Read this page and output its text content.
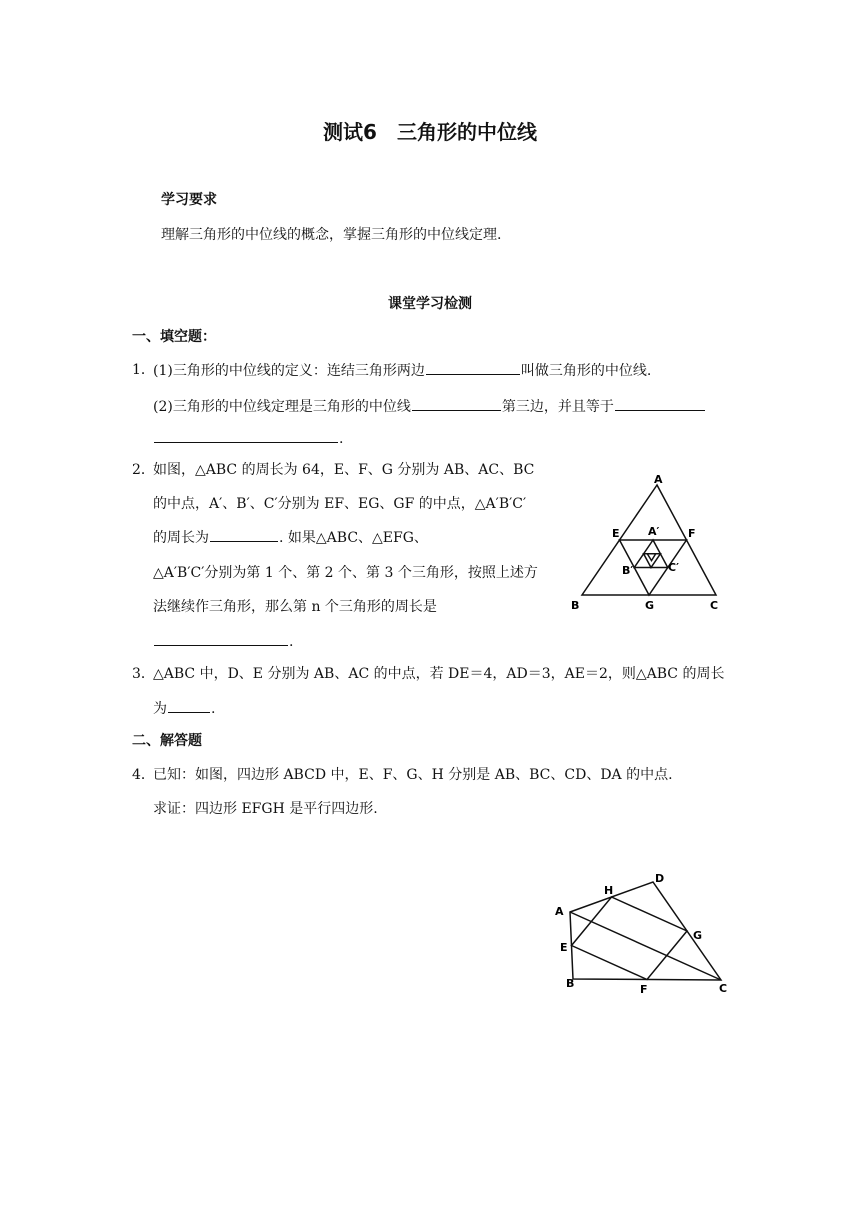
测试6　三角形的中位线
学习要求
理解三角形的中位线的概念，掌握三角形的中位线定理.
课堂学习检测
一、填空题：
1．
(1)三角形的中位线的定义：连结三角形两边	叫做三角形的中位线.
(2)三角形的中位线定理是三角形的中位线	第三边，并且等于
.
2．
如图，△ABC 的周长为 64，E、F、G 分别为 AB、AC、BC
的中点，A′、B′、C′分别为 EF、EG、GF 的中点，△A′B′C′
的周长为	. 如果△ABC、△EFG、
△A′B′C′分别为第 1 个、第 2 个、第 3 个三角形，按照上述方
法继续作三角形，那么第 n 个三角形的周长是
.
A
B	C
E	F
G
A′
B′	C′
3．
△ABC 中，D、E 分别为 AB、AC 的中点，若 DE＝4，AD＝3，AE＝2，则△ABC 的周长
为	.
二、解答题
4．
已知：如图，四边形 ABCD 中，E、F、G、H 分别是 AB、BC、CD、DA 的中点.
求证：四边形 EFGH 是平行四边形.
A
B	C
D
E
F
G
H
